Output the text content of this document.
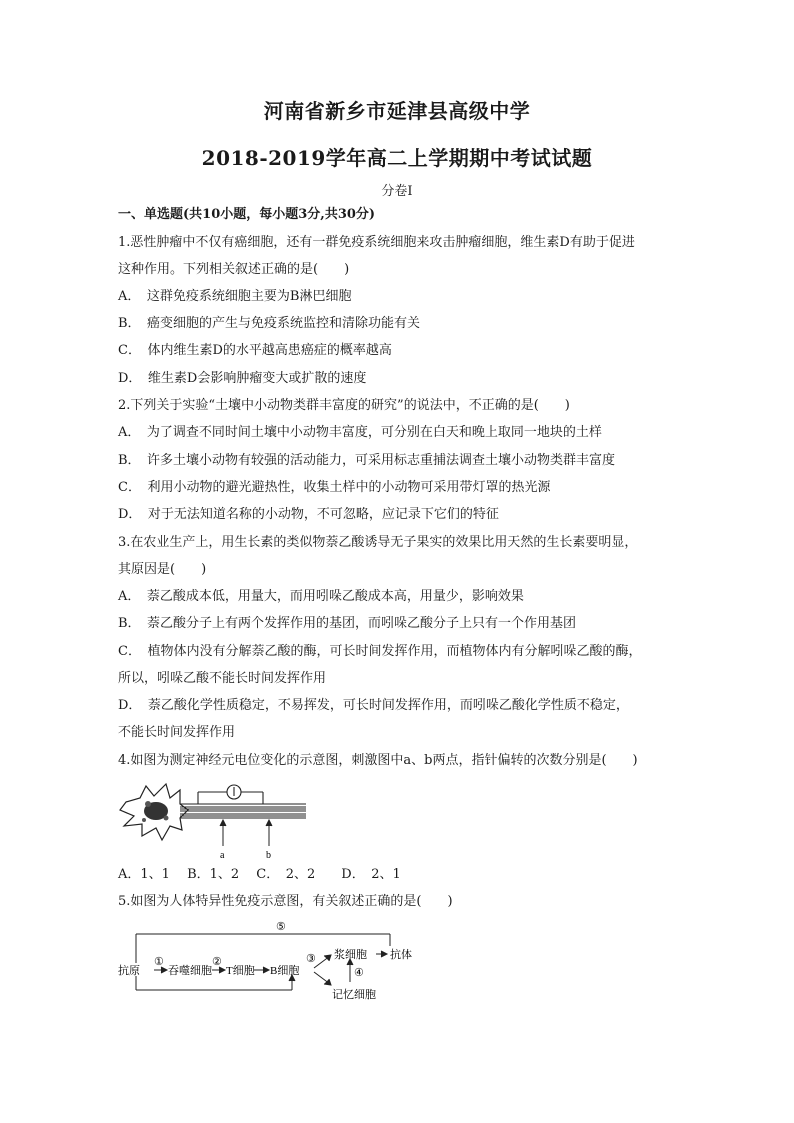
河南省新乡市延津县高级中学
2018-2019学年高二上学期期中考试试题
分卷I
一、单选题(共10小题，每小题3分,共30分)
1.恶性肿瘤中不仅有癌细胞，还有一群免疫系统细胞来攻击肿瘤细胞，维生素D有助于促进
这种作用。下列相关叙述正确的是(　　)
A．　这群免疫系统细胞主要为B淋巴细胞
B．　癌变细胞的产生与免疫系统监控和清除功能有关
C．　体内维生素D的水平越高患癌症的概率越高
D．　维生素D会影响肿瘤变大或扩散的速度
2.下列关于实验“土壤中小动物类群丰富度的研究”的说法中，不正确的是(　　)
A．　为了调查不同时间土壤中小动物丰富度，可分别在白天和晚上取同一地块的土样
B．　许多土壤小动物有较强的活动能力，可采用标志重捕法调查土壤小动物类群丰富度
C．　利用小动物的避光避热性，收集土样中的小动物可采用带灯罩的热光源
D．　对于无法知道名称的小动物，不可忽略，应记录下它们的特征
3.在农业生产上，用生长素的类似物萘乙酸诱导无子果实的效果比用天然的生长素要明显，
其原因是(　　)
A．　萘乙酸成本低，用量大，而用吲哚乙酸成本高，用量少，影响效果
B．　萘乙酸分子上有两个发挥作用的基团，而吲哚乙酸分子上只有一个作用基团
C．　植物体内没有分解萘乙酸的酶，可长时间发挥作用，而植物体内有分解吲哚乙酸的酶，
所以，吲哚乙酸不能长时间发挥作用
D．　萘乙酸化学性质稳定，不易挥发，可长时间发挥作用，而吲哚乙酸化学性质不稳定，
不能长时间发挥作用
4.如图为测定神经元电位变化的示意图，刺激图中a、b两点，指针偏转的次数分别是(　　)
a	b
A．1、1　 B．1、2　 C．　2、2　　D．　2、1
5.如图为人体特异性免疫示意图，有关叙述正确的是(　　)
⑤
抗原
①
吞噬细胞
②
T细胞 B细胞
③ 浆细胞 抗体
④
记忆细胞
